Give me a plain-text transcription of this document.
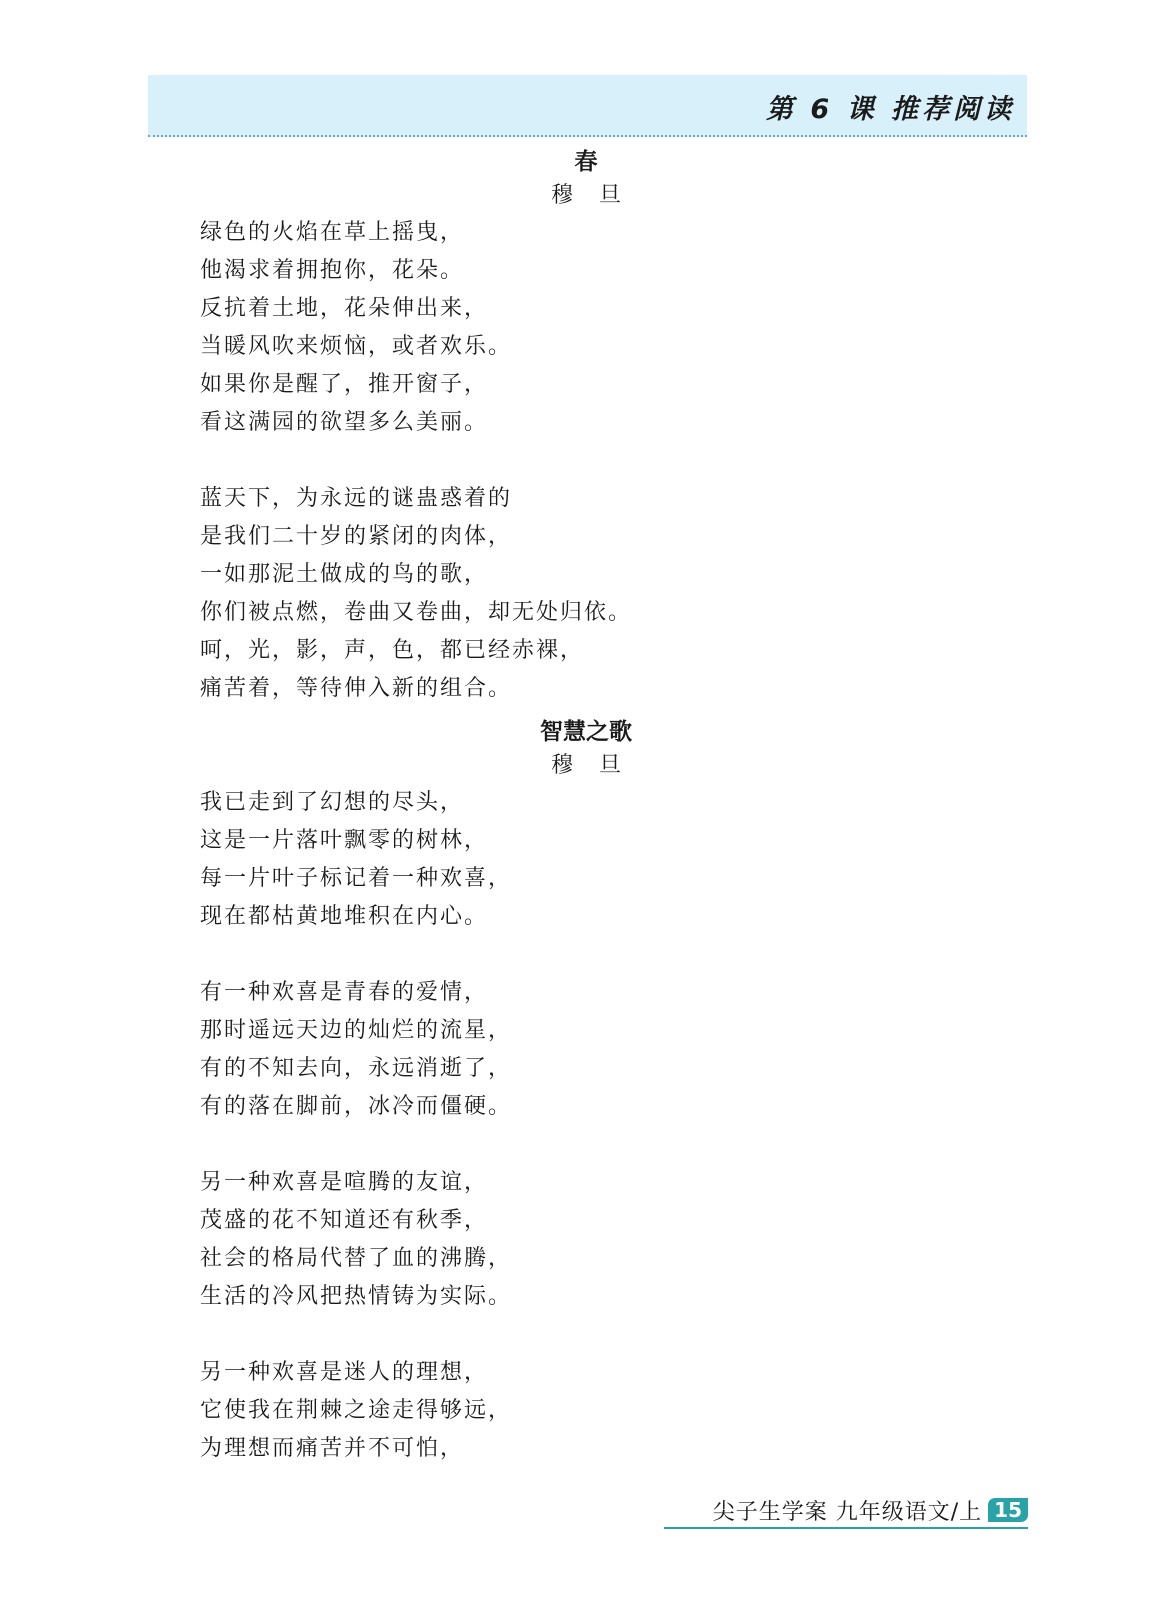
第 6 课 推荐阅读
春
穆旦
绿色的火焰在草上摇曳，
他渴求着拥抱你，花朵。
反抗着土地，花朵伸出来，
当暖风吹来烦恼，或者欢乐。
如果你是醒了，推开窗子，
看这满园的欲望多么美丽。
蓝天下，为永远的谜蛊惑着的
是我们二十岁的紧闭的肉体，
一如那泥土做成的鸟的歌，
你们被点燃，卷曲又卷曲，却无处归依。
呵，光，影，声，色，都已经赤裸，
痛苦着，等待伸入新的组合。
智慧之歌
穆旦
我已走到了幻想的尽头，
这是一片落叶飘零的树林，
每一片叶子标记着一种欢喜，
现在都枯黄地堆积在内心。
有一种欢喜是青春的爱情，
那时遥远天边的灿烂的流星，
有的不知去向，永远消逝了，
有的落在脚前，冰冷而僵硬。
另一种欢喜是喧腾的友谊，
茂盛的花不知道还有秋季，
社会的格局代替了血的沸腾，
生活的冷风把热情铸为实际。
另一种欢喜是迷人的理想，
它使我在荆棘之途走得够远，
为理想而痛苦并不可怕，
尖子生学案 九年级语文/上 15
